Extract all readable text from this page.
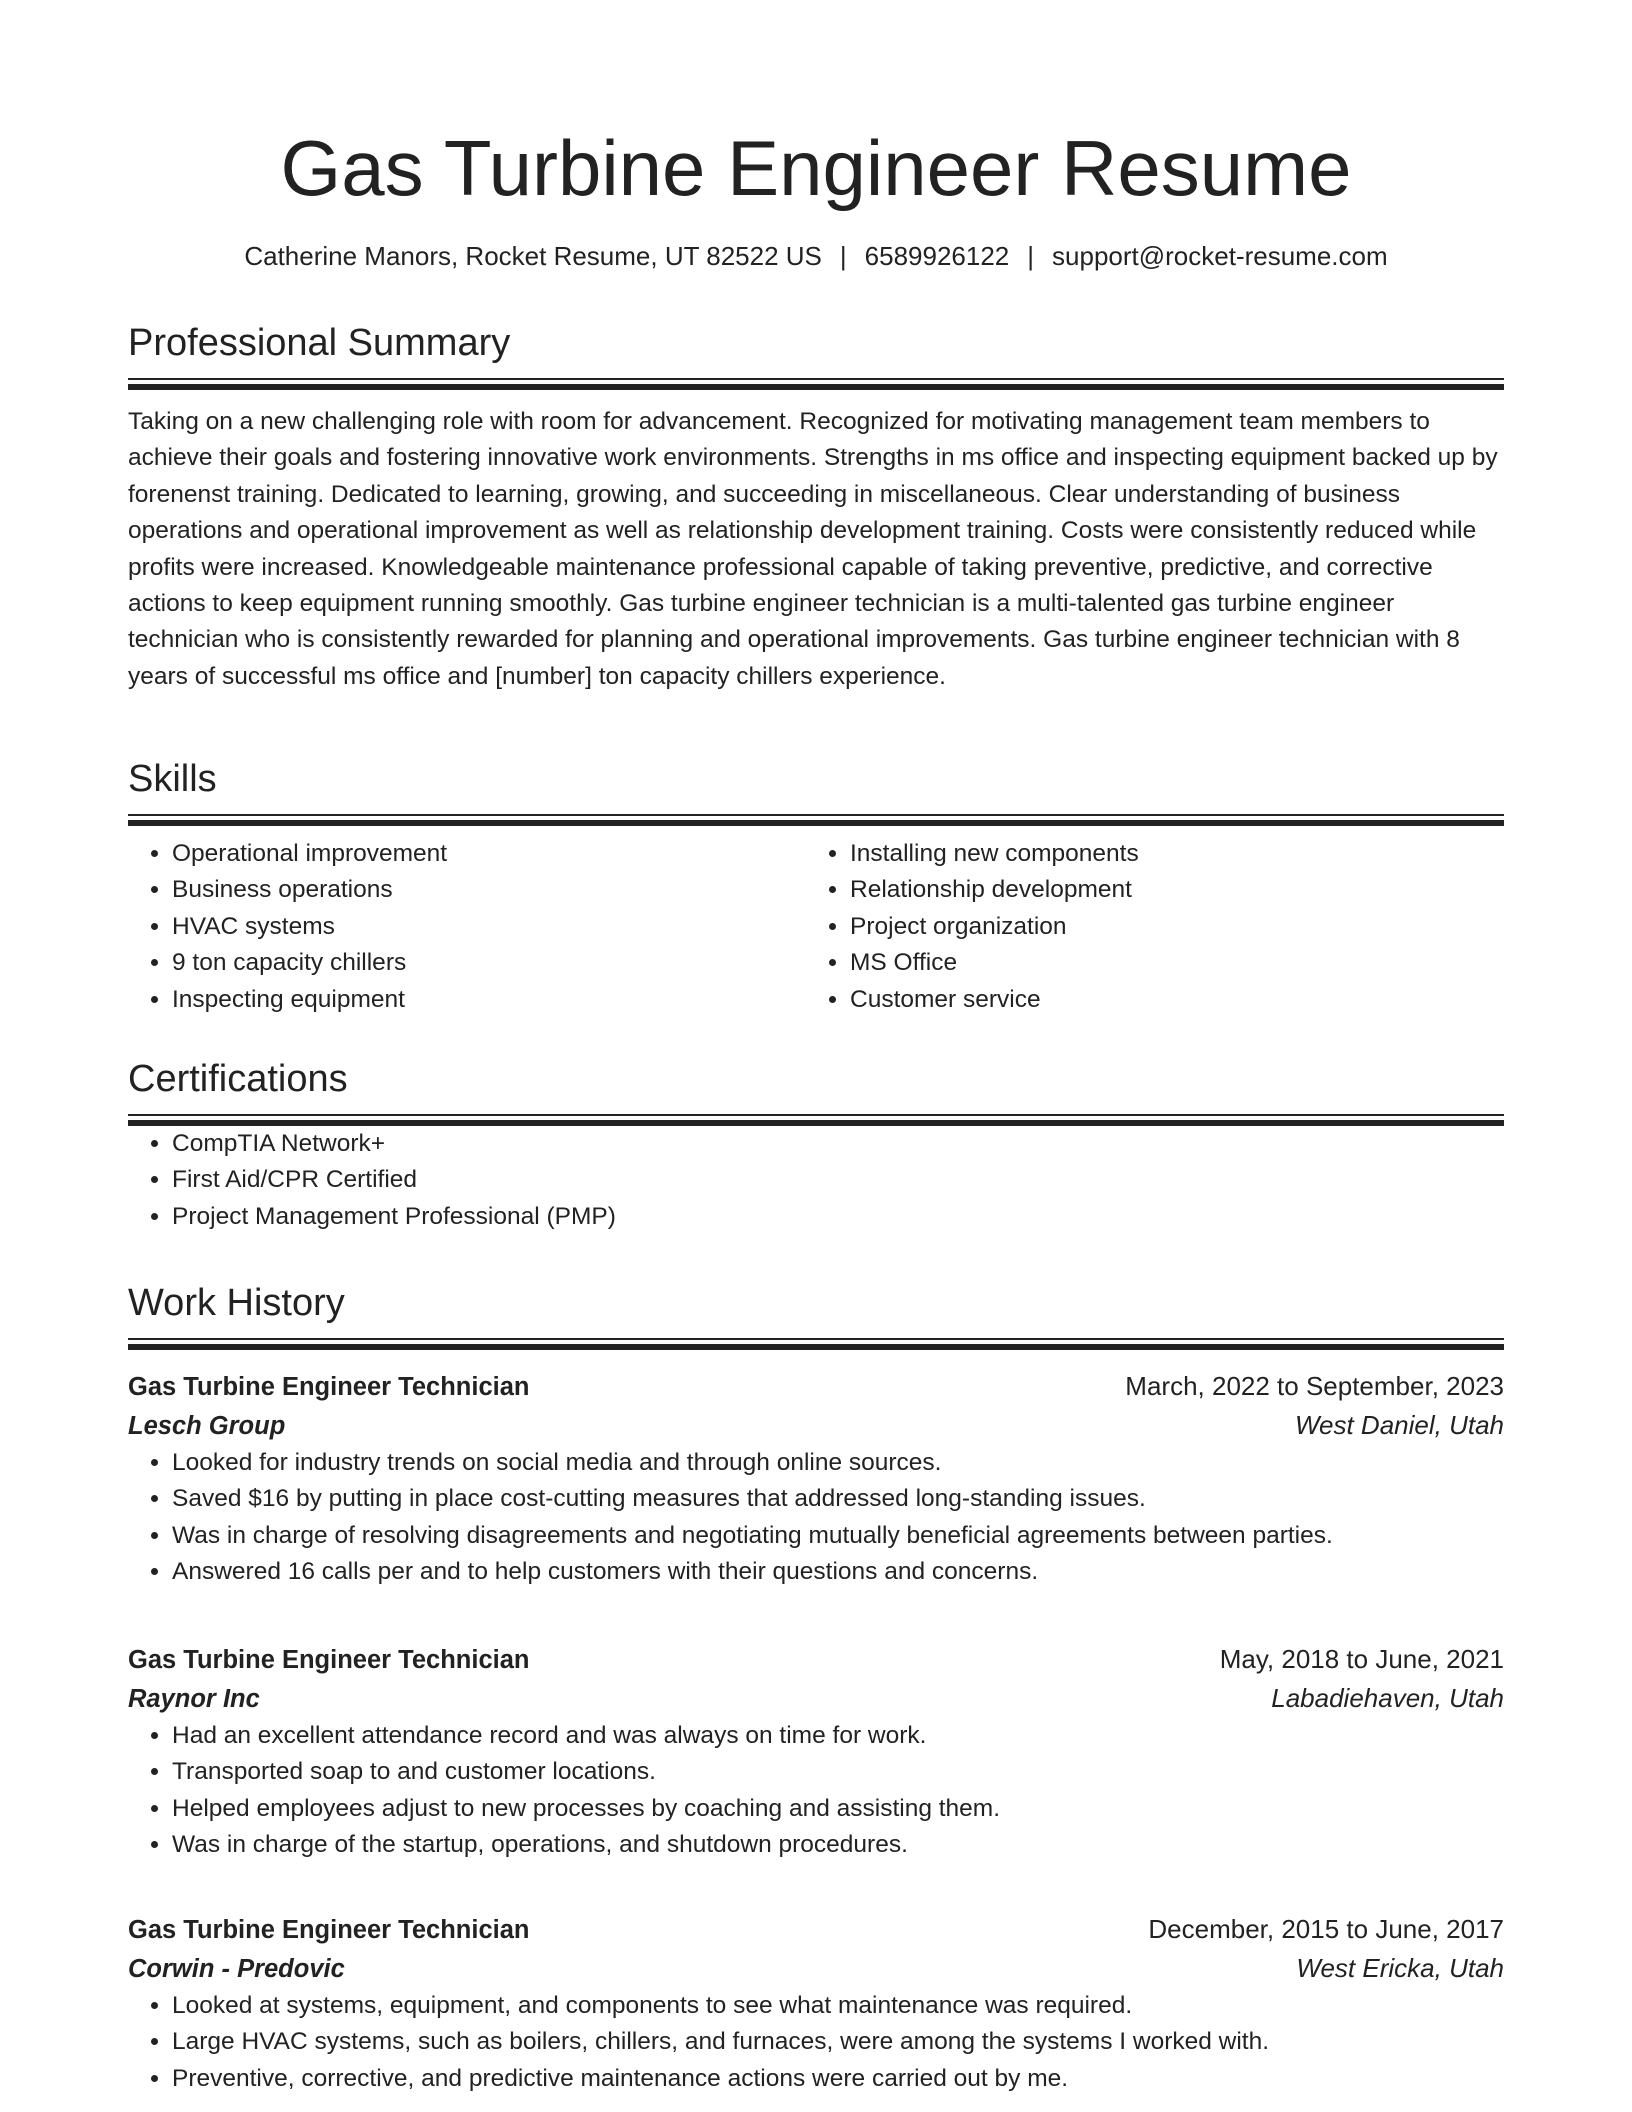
Gas Turbine Engineer Resume
Catherine Manors, Rocket Resume, UT 82522 US | 6589926122 | support@rocket-resume.com
Professional Summary

Taking on a new challenging role with room for advancement. Recognized for motivating management team members to achieve their goals and fostering innovative work environments. Strengths in ms office and inspecting equipment backed up by forenenst training. Dedicated to learning, growing, and succeeding in miscellaneous. Clear understanding of business operations and operational improvement as well as relationship development training. Costs were consistently reduced while profits were increased. Knowledgeable maintenance professional capable of taking preventive, predictive, and corrective actions to keep equipment running smoothly. Gas turbine engineer technician is a multi-talented gas turbine engineer technician who is consistently rewarded for planning and operational improvements. Gas turbine engineer technician with 8 years of successful ms office and [number] ton capacity chillers experience.

Skills
• Operational improvement
• Business operations
• HVAC systems
• 9 ton capacity chillers
• Inspecting equipment
• Installing new components
• Relationship development
• Project organization
• MS Office
• Customer service
Certifications
• CompTIA Network+
• First Aid/CPR Certified
• Project Management Professional (PMP)
Work History
Gas Turbine Engineer Technician	March, 2022 to September, 2023
Lesch Group	West Daniel, Utah
• Looked for industry trends on social media and through online sources.
• Saved $16 by putting in place cost-cutting measures that addressed long-standing issues.
• Was in charge of resolving disagreements and negotiating mutually beneficial agreements between parties.
• Answered 16 calls per and to help customers with their questions and concerns.
Gas Turbine Engineer Technician	May, 2018 to June, 2021
Raynor Inc	Labadiehaven, Utah
• Had an excellent attendance record and was always on time for work.
• Transported soap to and customer locations.
• Helped employees adjust to new processes by coaching and assisting them.
• Was in charge of the startup, operations, and shutdown procedures.
Gas Turbine Engineer Technician	December, 2015 to June, 2017
Corwin - Predovic	West Ericka, Utah
• Looked at systems, equipment, and components to see what maintenance was required.
• Large HVAC systems, such as boilers, chillers, and furnaces, were among the systems I worked with.
• Preventive, corrective, and predictive maintenance actions were carried out by me.
